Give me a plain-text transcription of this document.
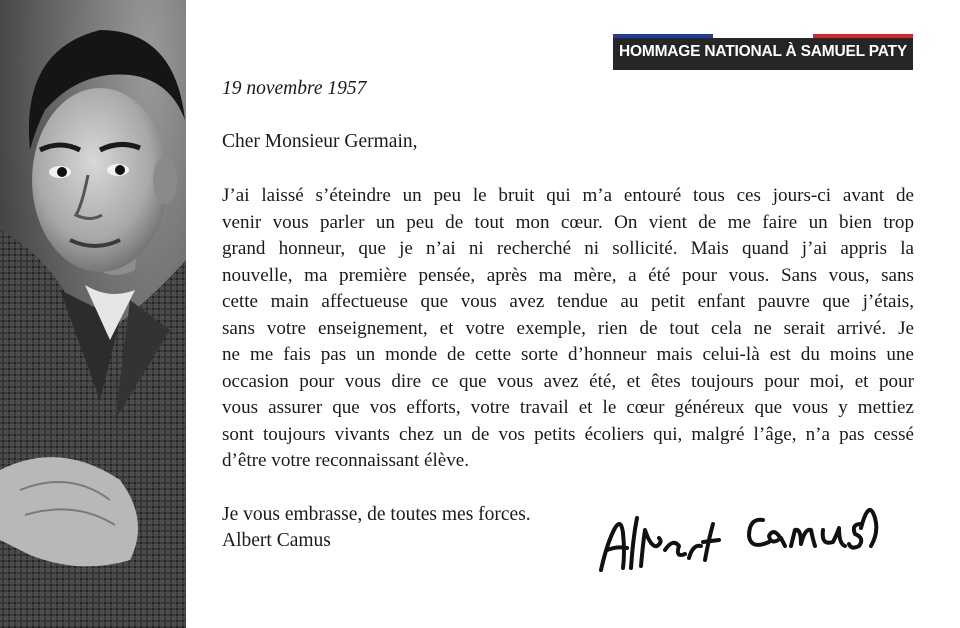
HOMMAGE NATIONAL À SAMUEL PATY
19 novembre 1957
Cher Monsieur Germain,

J’ai laissé s’éteindre un peu le bruit qui m’a entouré tous ces jours-ci avant de
venir vous parler un peu de tout mon cœur. On vient de me faire un bien trop
grand honneur, que je n’ai ni recherché ni sollicité. Mais quand j’ai appris la
nouvelle, ma première pensée, après ma mère, a été pour vous. Sans vous, sans
cette main affectueuse que vous avez tendue au petit enfant pauvre que j’étais,
sans votre enseignement, et votre exemple, rien de tout cela ne serait arrivé. Je
ne me fais pas un monde de cette sorte d’honneur mais celui-là est du moins une
occasion pour vous dire ce que vous avez été, et êtes toujours pour moi, et pour
vous assurer que vos efforts, votre travail et le cœur généreux que vous y mettiez
sont toujours vivants chez un de vos petits écoliers qui, malgré l’âge, n’a pas cessé
d’être votre reconnaissant élève.

Je vous embrasse, de toutes mes forces.
Albert Camus
